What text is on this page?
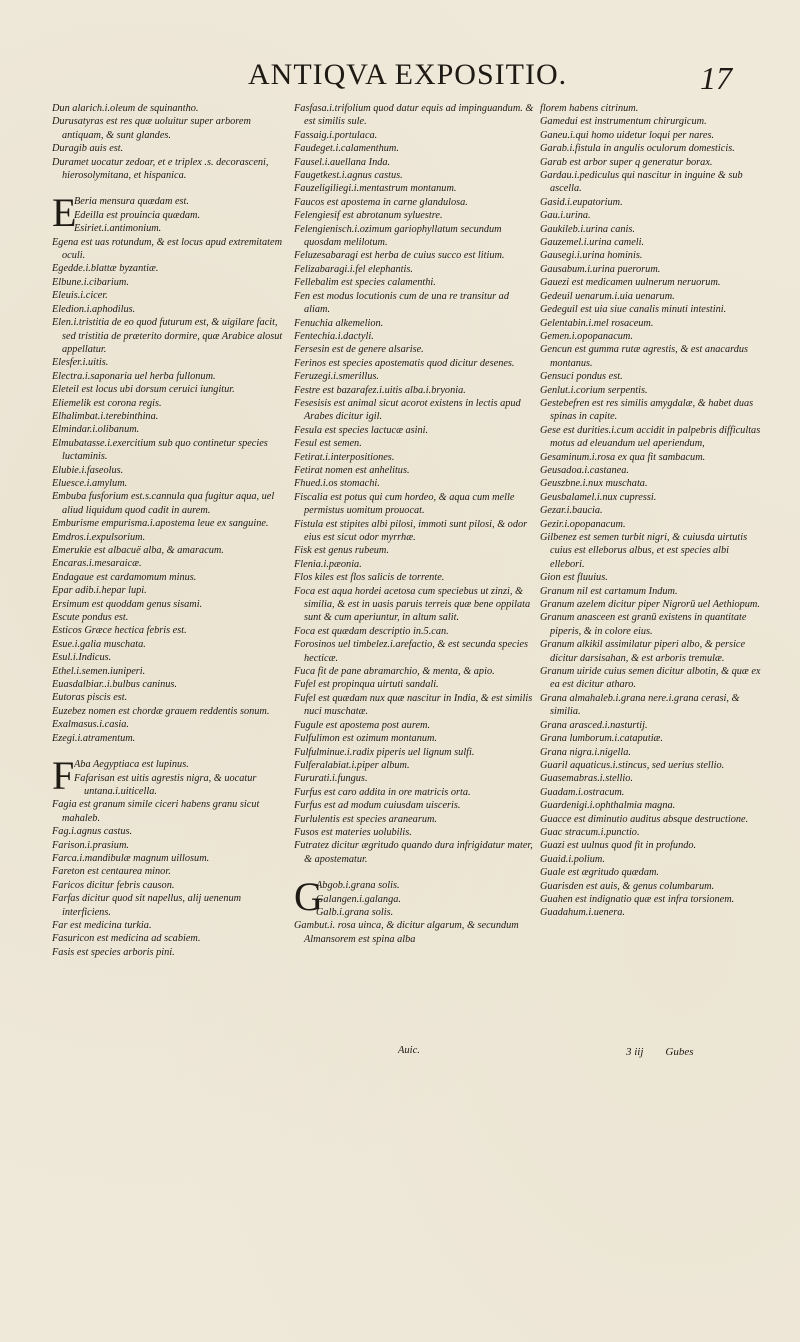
ANTIQVA EXPOSITIO.	17
Dun alarich.i.oleum de squinantho.
Durusatyras est res quæ uoluitur super arborem antiquam, & sunt glandes.
Duragib auis est.
Duramet uocatur zedoar, et e triplex .s. decorasceni, hierosolymitana, et hispanica.
E
Beria mensura quædam est.
Edeilla est prouincia quædam.
Esiriet.i.antimonium.
Egena est uas rotundum, & est locus apud extremitatem oculi.
Egedde.i.blattæ byzantiæ.
Elbune.i.cibarium.
Eleuis.i.cicer.
Eledion.i.aphodilus.
Elen.i.tristitia de eo quod futurum est, & uigilare facit, sed tristitia de præterito dormire, quæ Arabice alosut appellatur.
Elesfer.i.uitis.
Electra.i.saponaria uel herba fullonum.
Eleteil est locus ubi dorsum ceruici iungitur.
Eliemelik est corona regis.
Elhalimbat.i.terebinthina.
Elmindar.i.olibanum.
Elmubatasse.i.exercitium sub quo continetur species luctaminis.
Elubie.i.faseolus.
Eluesce.i.amylum.
Embuba fusforium est.s.cannula qua fugitur aqua, uel aliud liquidum quod cadit in aurem.
Emburisme empurisma.i.apostema leue ex sanguine.
Emdros.i.expulsorium.
Emerukie est albacuë alba, & amaracum.
Encaras.i.mesaraicæ.
Endagaue est cardamomum minus.
Epar adib.i.hepar lupi.
Ersimum est quoddam genus sisami.
Escute pondus est.
Esticos Græce hectica febris est.
Esue.i.galia muschata.
Esul.i.Indicus.
Ethel.i.semen.iuniperi.
Euasdalbiar..i.bulbus caninus.
Eutoras piscis est.
Euzebez nomen est chordæ grauem reddentis sonum.
Exalmasus.i.casia.
Ezegi.i.atramentum.
F Aba Aegyptiaca est lupinus.
Fafarisan est uitis agrestis nigra, & uocatur untana.i.uiticella.
Fagia est granum simile ciceri habens granu sicut mahaleb.
Fag.i.agnus castus.
Farison.i.prasium.
Farca.i.mandibulæ magnum uillosum.
Fareton est centaurea minor.
Faricos dicitur febris causon.
Farfas dicitur quod sit napellus, alij uenenum interficiens.
Far est medicina turkia.
Fasuricon est medicina ad scabiem.
Fasis est species arboris pini.
Fasfasa.i.trifolium quod datur equis ad impinguandum. & est similis sule.
Fassaig.i.portulaca.
Faudeget.i.calamenthum.
Fausel.i.auellana Inda.
Faugetkest.i.agnus castus.
Fauzeligiliegi.i.mentastrum montanum.
Faucos est apostema in carne glandulosa.
Felengiesif est abrotanum syluestre.
Felengienisch.i.ozimum gariophyllatum secundum quosdam melilotum.
Feluzesabaragi est herba de cuius succo est litium.
Felizabaragi.i.fel elephantis.
Fellebalim est species calamenthi.
Fen est modus locutionis cum de una re transitur ad aliam.
Fenuchia alkemelion.
Fentechia.i.dactyli.
Fersesin est de genere alsarise.
Ferinos est species apostematis quod dicitur desenes.
Feruzegi.i.smerillus.
Festre est bazarafez.i.uitis alba.i.bryonia.
Fesesisis est animal sicut acorot existens in lectis apud Arabes dicitur igil.
Fesula est species lactucæ asini.
Fesul est semen.
Fetirat.i.interpositiones.
Fetirat nomen est anhelitus.
Fhued.i.os stomachi.
Fiscalia est potus qui cum hordeo, & aqua cum melle permistus uomitum prouocat.
Fistula est stipites albi pilosi, immoti sunt pilosi, & odor eius est sicut odor myrrhæ.
Fisk est genus rubeum.
Flenia.i.pæonia.
Flos kiles est flos salicis de torrente.
Foca est aqua hordei acetosa cum speciebus ut zinzi, & similia, & est in uasis paruis terreis quæ bene oppilata sunt & cum aperiuntur, in altum salit.
Foca est quædam descriptio in.5.can.
Forosinos uel timbelez.i.arefactio, & est secunda species hecticæ.
Fuca fit de pane abramarchio, & menta, & apio.
Fufel est propinqua uirtuti sandali.
Fufel est quædam nux quæ nascitur in India, & est similis nuci muschatæ.
Fugule est apostema post aurem.
Fulfulimon est ozimum montanum.
Fulfulminue.i.radix piperis uel lignum sulfi.
Fulferalabiat.i.piper album.
Fururati.i.fungus.
Furfus est caro addita in ore matricis orta.
Furfus est ad modum cuiusdam uisceris.
Furlulentis est species aranearum.
Fusos est materies uolubilis.
Futratez dicitur ægritudo quando dura infrigidatur mater, & apostematur.
G
Abgob.i.grana solis.
Galangen.i.galanga.
Galb.i.grana solis.
Gambut.i. rosa uinca, & dicitur algarum, & secundum Almansorem est spina alba
Auic.
florem habens citrinum.
Gamedui est instrumentum chirurgicum.
Ganeu.i.qui homo uidetur loqui per nares.
Garab.i.fistula in angulis oculorum domesticis.
Garab est arbor super q generatur borax.
Gardau.i.pediculus qui nascitur in inguine & sub ascella.
Gasid.i.eupatorium.
Gau.i.urina.
Gaukileb.i.urina canis.
Gauzemel.i.urina cameli.
Gausegi.i.urina hominis.
Gausabum.i.urina puerorum.
Gauezi est medicamen uulnerum neruorum.
Gedeuil uenarum.i.uia uenarum.
Gedeguil est uia siue canalis minuti intestini.
Gelentabin.i.mel rosaceum.
Gemen.i.opopanacum.
Gencun est gumma rutæ agrestis, & est anacardus montanus.
Gensuci pondus est.
Genlut.i.corium serpentis.
Gestebefren est res similis amygdalæ, & habet duas spinas in capite.
Gese est durities.i.cum accidit in palpebris difficultas motus ad eleuandum uel aperiendum,
Gesaminum.i.rosa ex qua fit sambacum.
Geusadoa.i.castanea.
Geuszbne.i.nux muschata.
Geusbalamel.i.nux cupressi.
Gezar.i.baucia.
Gezir.i.opopanacum.
Gilbenez est semen turbit nigri, & cuiusda uirtutis cuius est elleborus albus, et est species albi ellebori.
Gion est fluuius.
Granum nil est cartamum Indum.
Granum azelem dicitur piper Nigrorū uel Aethiopum.
Granum anasceen est granū existens in quantitate piperis, & in colore eius.
Granum alkikil assimilatur piperi albo, & persice dicitur darsisahan, & est arboris tremulæ.
Granum uiride cuius semen dicitur albotin, & quæ ex ea est dicitur atharo.
Grana almahaleb.i.grana nere.i.grana cerasi, & similia.
Grana arasced.i.nasturtij.
Grana lumborum.i.cataputiæ.
Grana nigra.i.nigella.
Guaril aquaticus.i.stincus, sed uerius stellio.
Guasemabras.i.stellio.
Guadam.i.ostracum.
Guardenigi.i.ophthalmia magna.
Guacce est diminutio auditus absque destructione.
Guac stracum.i.punctio.
Guazi est uulnus quod fit in profundo.
Guaid.i.polium.
Guale est ægritudo quædam.
Guarisden est auis, & genus columbarum.
Guahen est indignatio quæ est infra torsionem.
Guadahum.i.uenera.
3 iij Gubes
